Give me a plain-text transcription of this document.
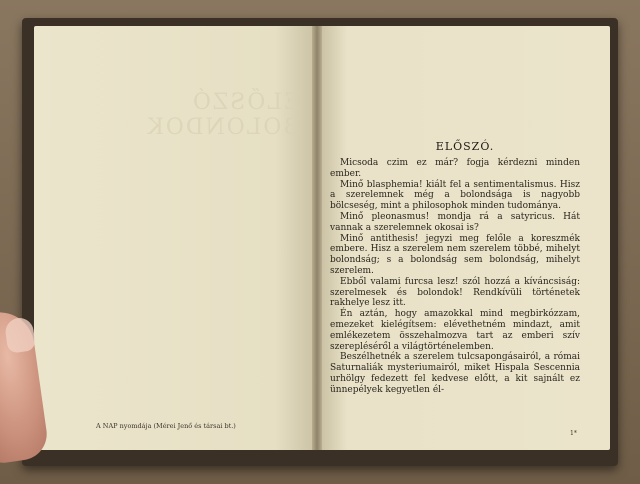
ELŐSZÓ BOLONDOK
A NAP nyomdája (Mérei Jenő és társai bt.)
ELŐSZÓ.

Micsoda czim ez már? fogja kérdezni minden ember.

Minő blasphemia! kiált fel a sentimentalismus. Hisz a szerelemnek még a bolondsága is nagyobb bölcseség, mint a philosophok minden tudománya.

Minő pleonasmus! mondja rá a satyricus. Hát vannak a szerelemnek okosai is?

Minő antithesis! jegyzi meg felőle a koreszmék embere. Hisz a szerelem nem szerelem többé, mihelyt bolondság; s a bolondság sem bolondság, mihelyt szerelem.

Ebből valami furcsa lesz! szól hozzá a kíváncsiság: szerelmesek és bolondok! Rendkívüli történetek rakhelye lesz itt.

Én aztán, hogy amazokkal mind megbirkózzam, emezeket kielégítsem: elévethetném mindazt, amit emlékezetem összehalmozva tart az emberi szív szerepléséről a világtörténelemben.

Beszélhetnék a szerelem tulcsapongásairól, a római Saturnaliák mysteriumairól, miket Hispala Sescennia urhölgy fedezett fel kedvese előtt, a kit sajnált ez ünnepélyek kegyetlen él-

1*
